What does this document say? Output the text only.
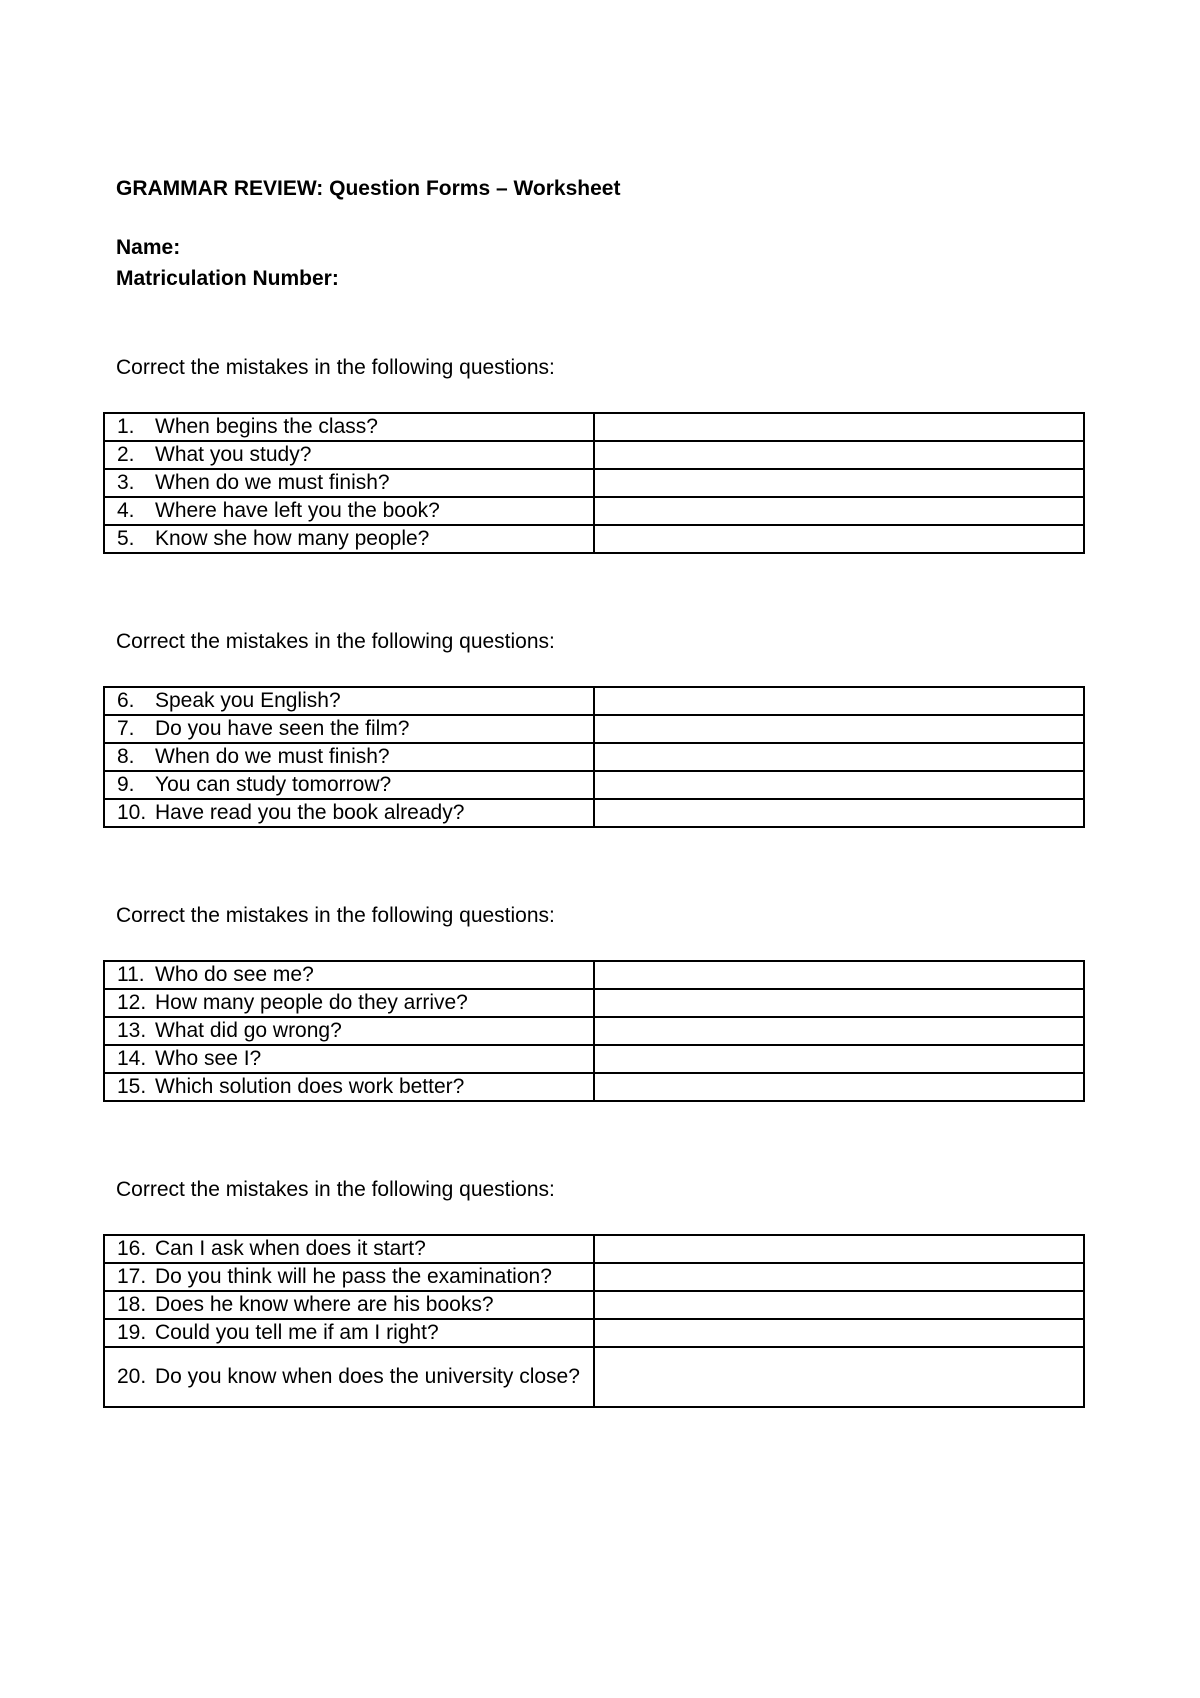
GRAMMAR REVIEW: Question Forms – Worksheet
Name:
Matriculation Number:
Correct the mistakes in the following questions:
1. When begins the class?	

2. What you study?	

3. When do we must finish?	

4. Where have left you the book?	

5. Know she how many people?	

Correct the mistakes in the following questions:
6. Speak you English?	

7. Do you have seen the film?	

8. When do we must finish?	

9. You can study tomorrow?	

10. Have read you the book already?	

Correct the mistakes in the following questions:
11. Who do see me?	

12. How many people do they arrive?	

13. What did go wrong?	

14. Who see I?	

15. Which solution does work better?	

Correct the mistakes in the following questions:
16. Can I ask when does it start?	

17. Do you think will he pass the examination?	

18. Does he know where are his books?	

19. Could you tell me if am I right?	

20. Do you know when does the university close?	
